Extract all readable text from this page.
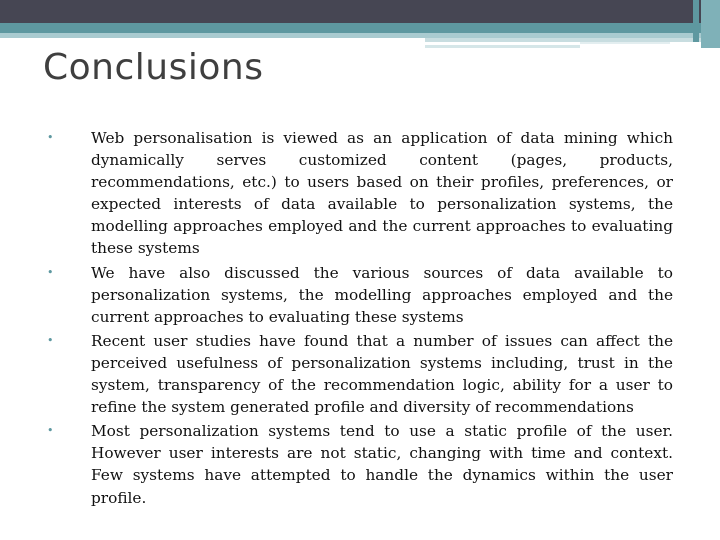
Conclusions
• Web personalisation is viewed as an application of data mining which dynamically serves customized content (pages, products, recommendations, etc.) to users based on their profiles, preferences, or expected interests of data available to personalization systems, the modelling approaches employed and the current approaches to evaluating these systems
• We have also discussed the various sources of data available to personalization systems, the modelling approaches employed and the current approaches to evaluating these systems
• Recent user studies have found that a number of issues can affect the perceived usefulness of personalization systems including, trust in the system, transparency of the recommendation logic, ability for a user to refine the system generated profile and diversity of recommendations
• Most personalization systems tend to use a static profile of the user. However user interests are not static, changing with time and context. Few systems have attempted to handle the dynamics within the user profile.
